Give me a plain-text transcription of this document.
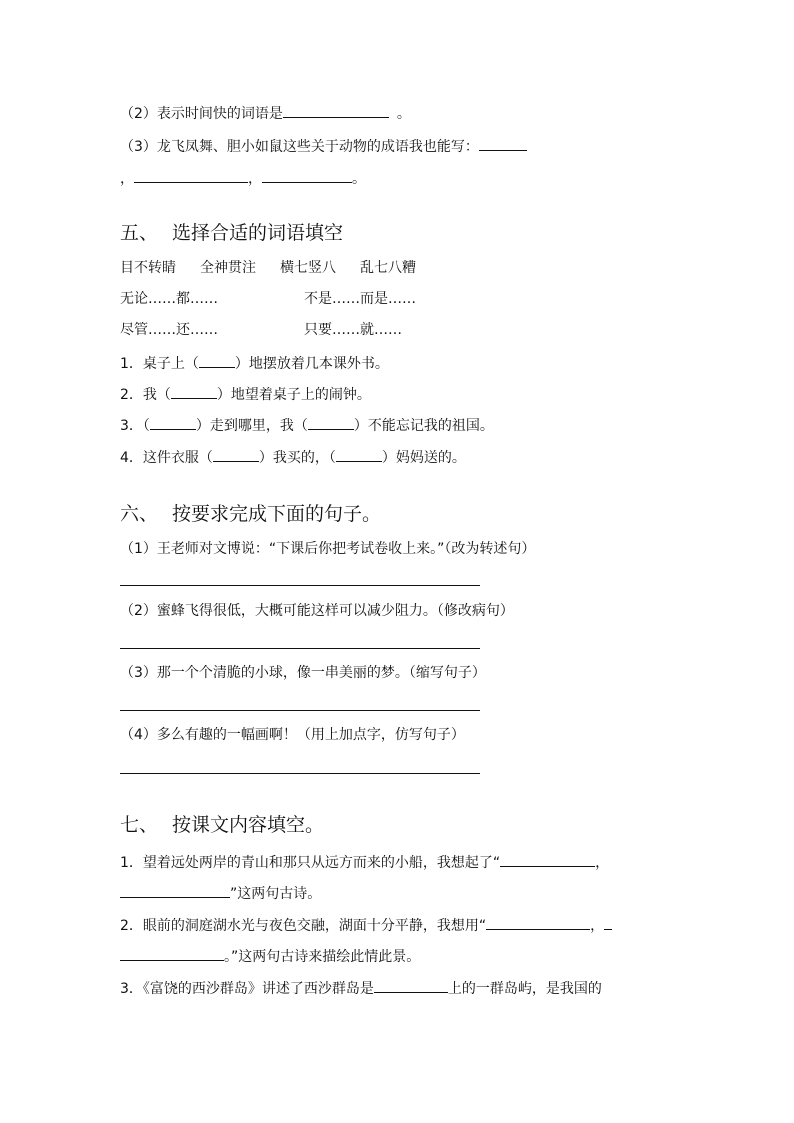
（2）表示时间快的词语是	。
（3）龙飞凤舞、胆小如鼠这些关于动物的成语我也能写：
，	，	。
五、 选择合适的词语填空
目不转睛 全神贯注 横七竖八 乱七八糟
无论……都……	不是……而是……
尽管……还……	只要……就……
1．桌子上（	）地摆放着几本课外书。
2．我（	）地望着桌子上的闹钟。
3．（	）走到哪里，我（	）不能忘记我的祖国。
4．这件衣服（	）我买的，（	）妈妈送的。
六、 按要求完成下面的句子。
（1）王老师对文博说：“下课后你把考试卷收上来。”（改为转述句）
（2）蜜蜂飞得很低，大概可能这样可以减少阻力。（修改病句）
（3）那一个个清脆的小球，像一串美丽的梦。（缩写句子）
（4）多么有趣的一幅画啊！（用上加点字，仿写句子）
七、 按课文内容填空。
1．望着远处两岸的青山和那只从远方而来的小船，我想起了“	，
”这两句古诗。
2．眼前的洞庭湖水光与夜色交融，湖面十分平静，我想用“	，
。”这两句古诗来描绘此情此景。
3．《富饶的西沙群岛》讲述了西沙群岛是	上的一群岛屿，是我国的
